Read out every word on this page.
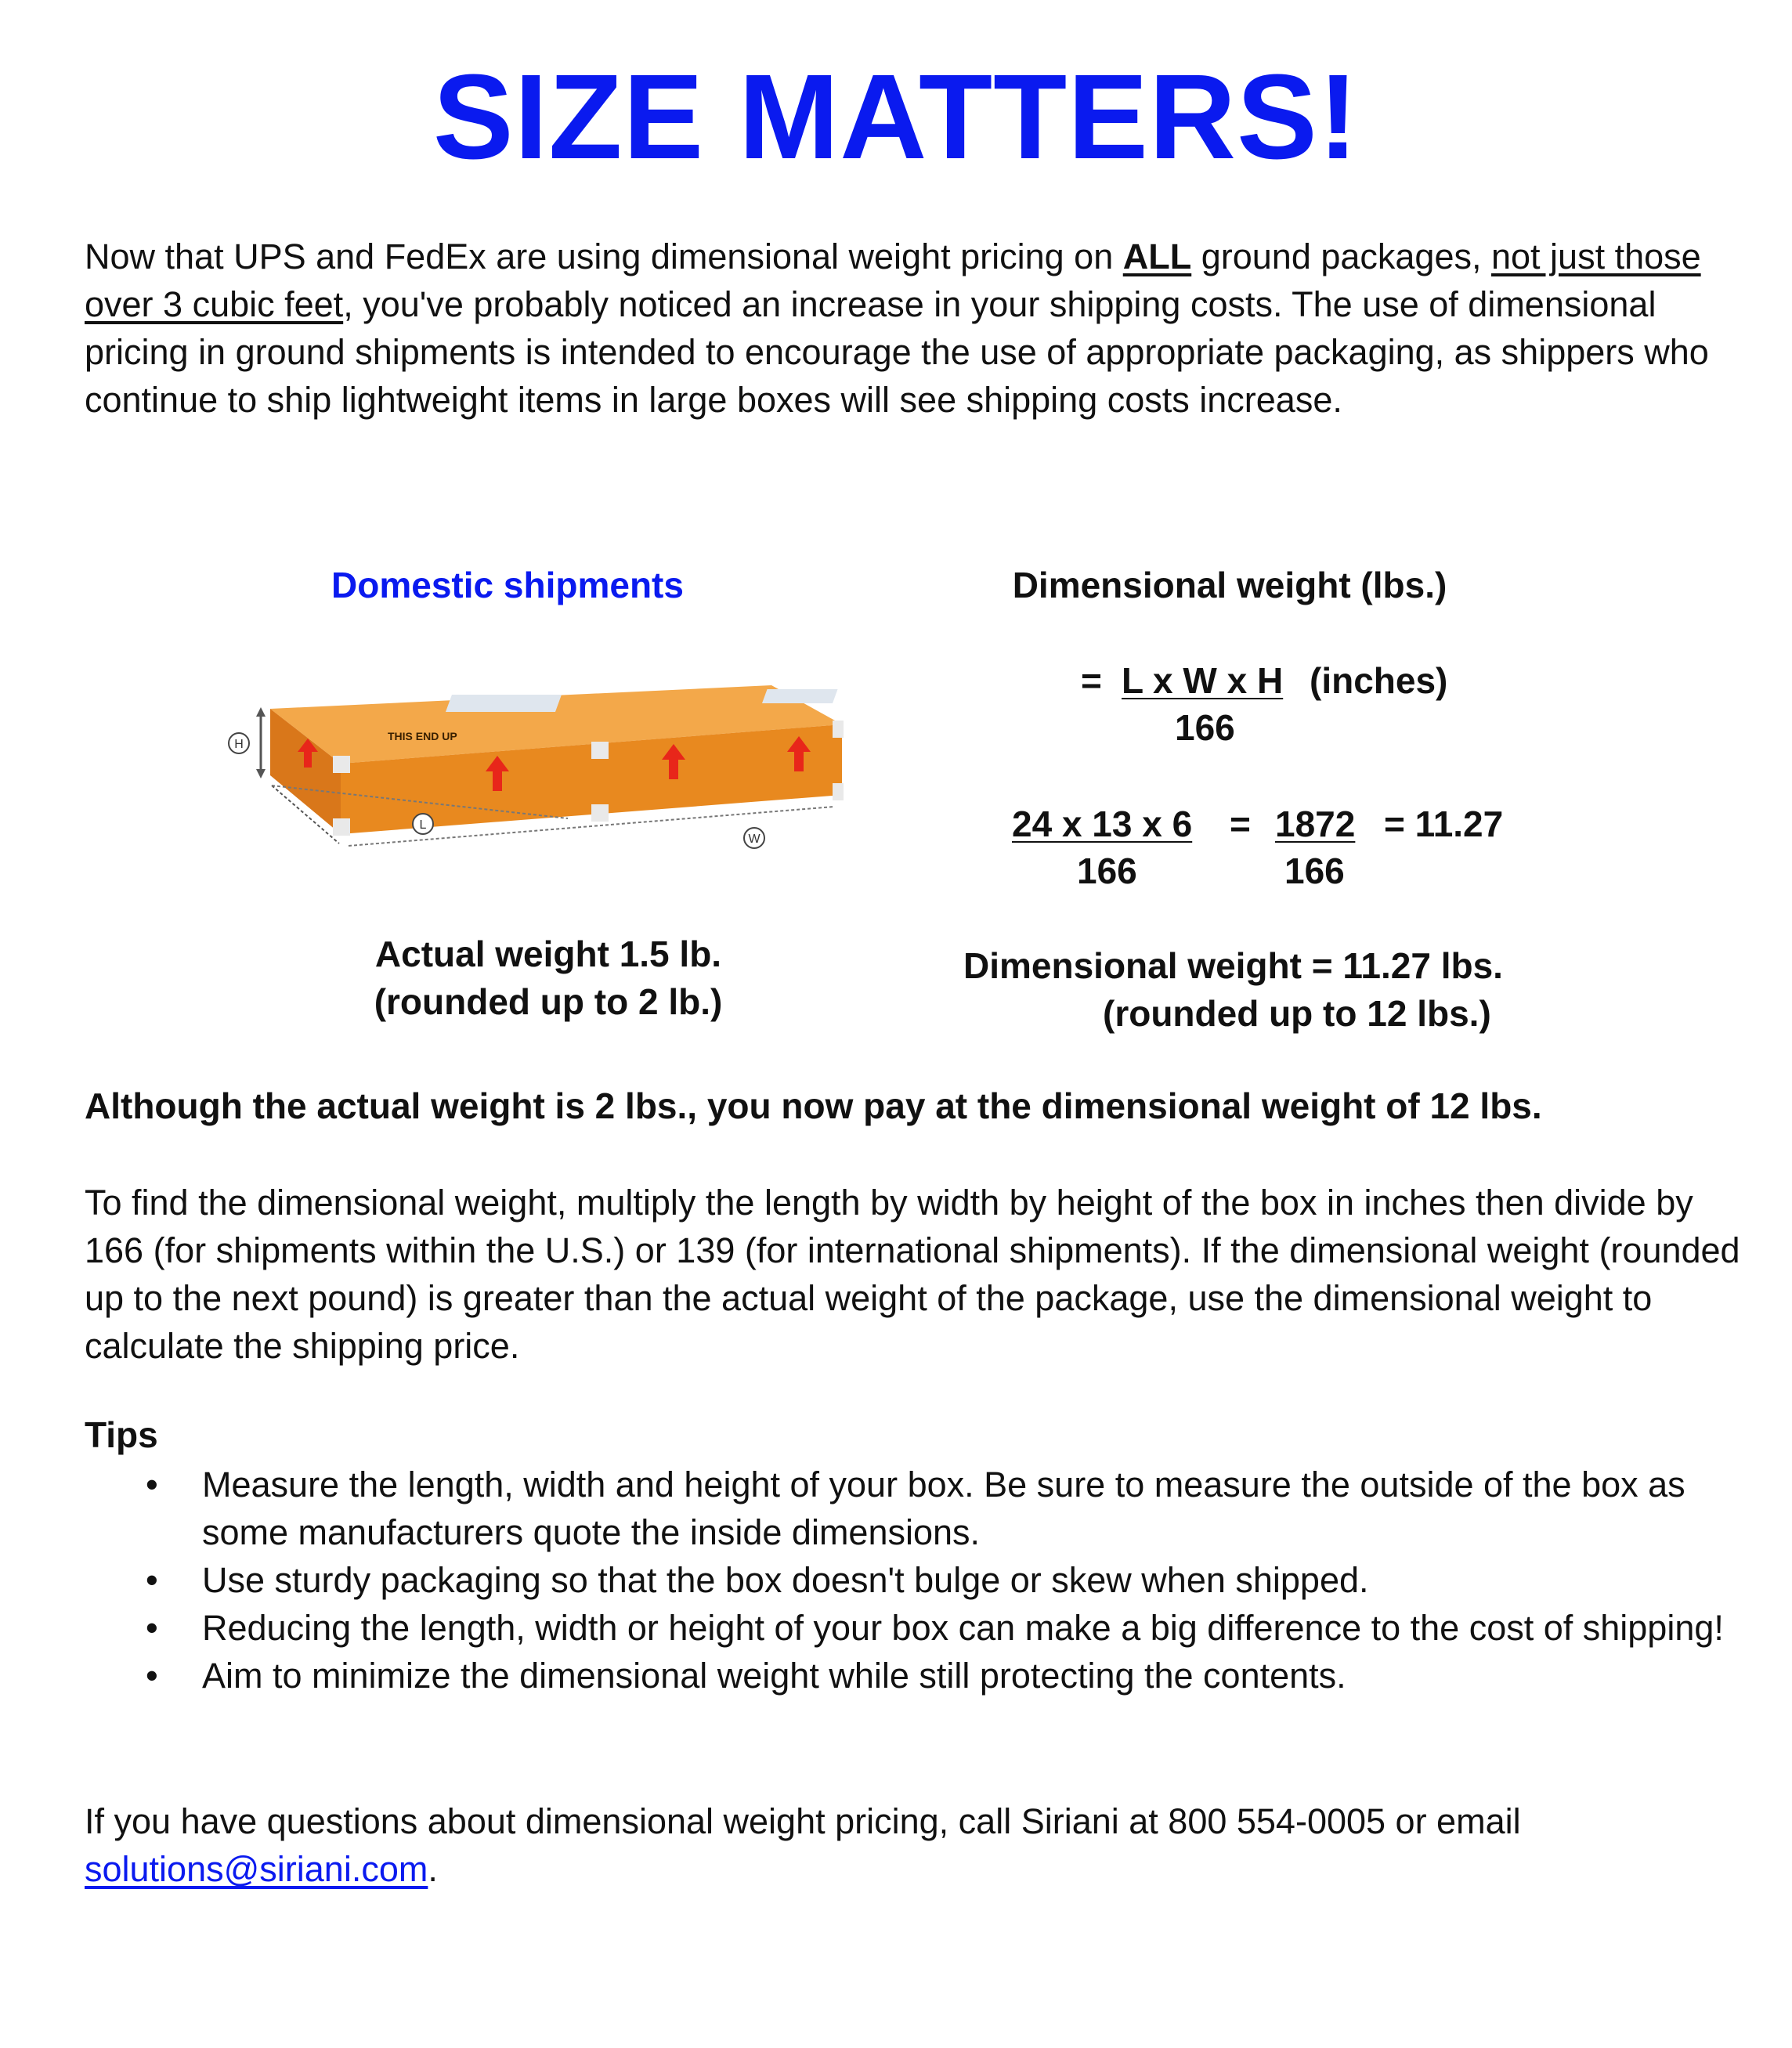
SIZE MATTERS!

Now that UPS and FedEx are using dimensional weight pricing on ALL ground packages, not just those over 3 cubic feet, you've probably noticed an increase in your shipping costs. The use of dimensional pricing in ground shipments is intended to encourage the use of appropriate packaging, as shippers who continue to ship lightweight items in large boxes will see shipping costs increase.

Domestic shipments	Dimensional weight (lbs.)
THIS END UP
H
L
W
= L x W x H (inches)
166
24 x 13 x 6 = 1872 = 11.27
166	166
Actual weight 1.5 lb.
(rounded up to 2 lb.)
Dimensional weight = 11.27 lbs.
(rounded up to 12 lbs.)
Although the actual weight is 2 lbs., you now pay at the dimensional weight of 12 lbs.

To find the dimensional weight, multiply the length by width by height of the box in inches then divide by 166 (for shipments within the U.S.) or 139 (for international shipments). If the dimensional weight (rounded up to the next pound) is greater than the actual weight of the package, use the dimensional weight to calculate the shipping price.

Tips
• Measure the length, width and height of your box. Be sure to measure the outside of the box as some manufacturers quote the inside dimensions.
• Use sturdy packaging so that the box doesn't bulge or skew when shipped.
• Reducing the length, width or height of your box can make a big difference to the cost of shipping!
• Aim to minimize the dimensional weight while still protecting the contents.

If you have questions about dimensional weight pricing, call Siriani at 800 554-0005 or email solutions@siriani.com.
